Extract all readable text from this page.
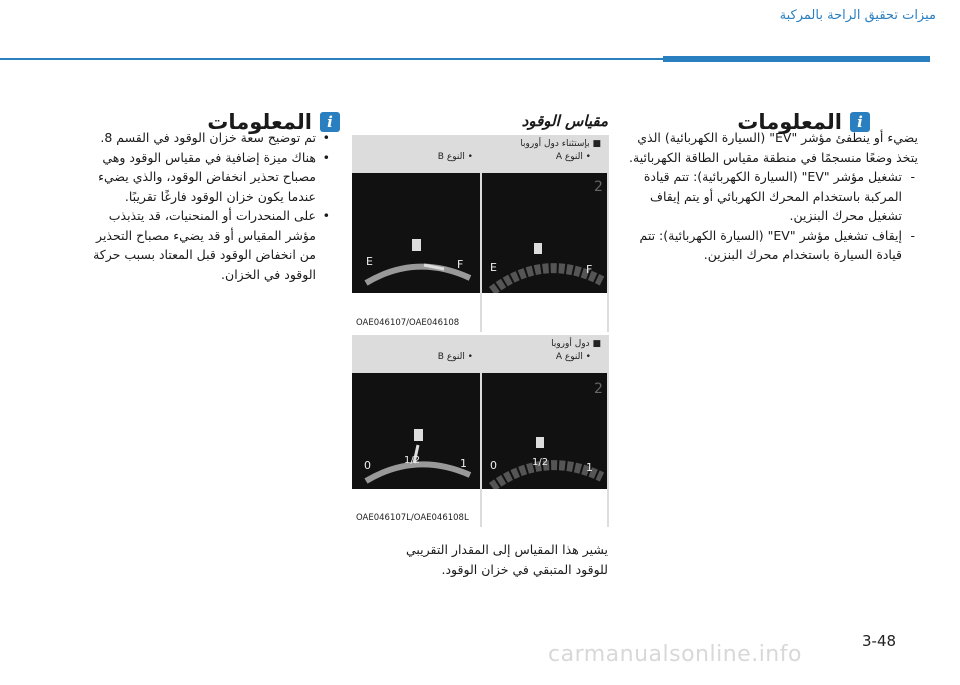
ميزات تحقيق الراحة بالمركبة
i
المعلومات
يضيء أو ينطفئ مؤشر "EV" (السيارة الكهربائية) الذي يتخذ وضعًا منسجمًا في منطقة مقياس الطاقة الكهربائية.
- تشغيل مؤشر "EV" (السيارة الكهربائية): تتم قيادة المركبة باستخدام المحرك الكهربائي أو يتم إيقاف تشغيل محرك البنزين.
- إيقاف تشغيل مؤشر "EV" (السيارة الكهربائية): تتم قيادة السيارة باستخدام محرك البنزين.
مقياس الوقود
2
E	F
E	F
■ بإستثناء دول أوروبا
• النوع A
• النوع B
OAE046107/OAE046108
2
0	1/2	1
0	1/2	1
■ دول أوروبا
• النوع A
• النوع B
OAE046107L/OAE046108L
يشير هذا المقياس إلى المقدار التقريبي للوقود المتبقي في خزان الوقود.
i
المعلومات
• تم توضيح سعة خزان الوقود في القسم 8.
• هناك ميزة إضافية في مقياس الوقود وهي مصباح تحذير انخفاض الوقود، والذي يضيء عندما يكون خزان الوقود فارغًا تقريبًا.
• على المنحدرات أو المنحنيات، قد يتذبذب مؤشر المقياس أو قد يضيء مصباح التحذير من انخفاض الوقود قبل المعتاد بسبب حركة الوقود في الخزان.
3-48
carmanualsonline.info
